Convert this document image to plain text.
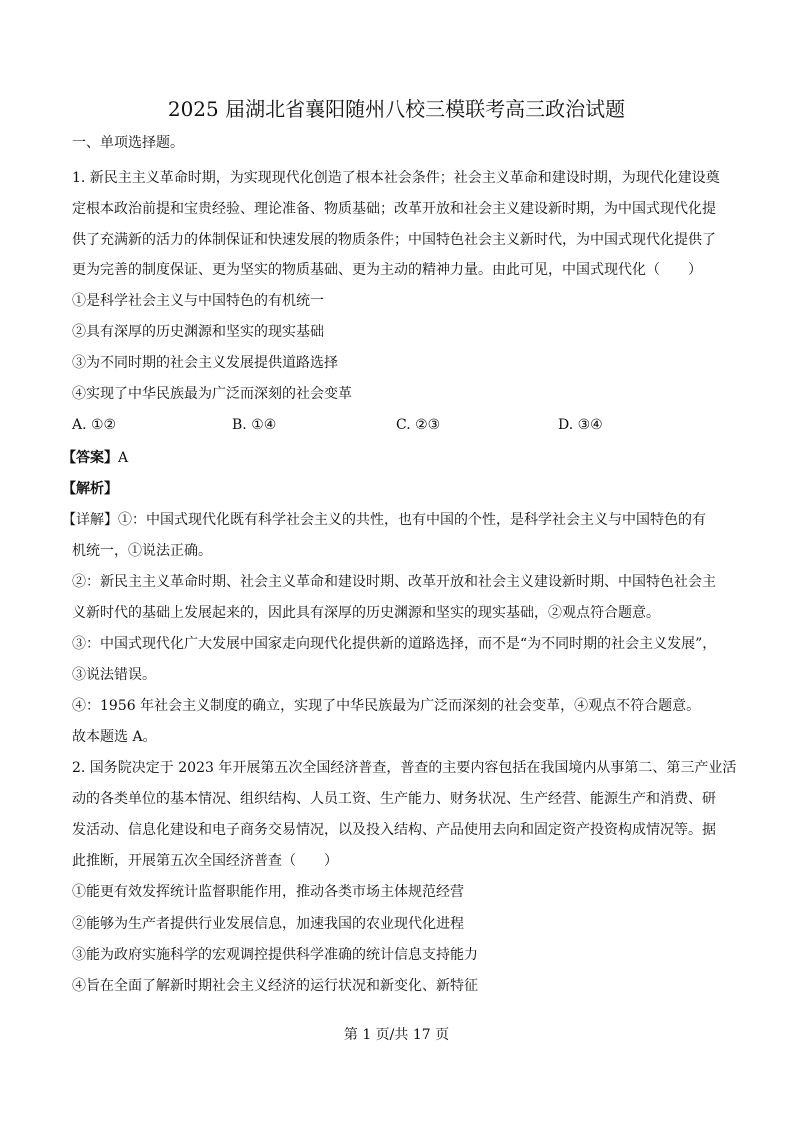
2025 届湖北省襄阳随州八校三模联考高三政治试题
一、单项选择题。
1. 新民主主义革命时期，为实现现代化创造了根本社会条件；社会主义革命和建设时期，为现代化建设奠
定根本政治前提和宝贵经验、理论准备、物质基础；改革开放和社会主义建设新时期，为中国式现代化提
供了充满新的活力的体制保证和快速发展的物质条件；中国特色社会主义新时代，为中国式现代化提供了
更为完善的制度保证、更为坚实的物质基础、更为主动的精神力量。由此可见，中国式现代化（　　）
①是科学社会主义与中国特色的有机统一
②具有深厚的历史渊源和坚实的现实基础
③为不同时期的社会主义发展提供道路选择
④实现了中华民族最为广泛而深刻的社会变革
A. ①②	B. ①④	C. ②③	D. ③④
【答案】A
【解析】
【详解】①：中国式现代化既有科学社会主义的共性，也有中国的个性，是科学社会主义与中国特色的有
机统一，①说法正确。
②：新民主主义革命时期、社会主义革命和建设时期、改革开放和社会主义建设新时期、中国特色社会主
义新时代的基础上发展起来的，因此具有深厚的历史渊源和坚实的现实基础，②观点符合题意。
③：中国式现代化广大发展中国家走向现代化提供新的道路选择，而不是“为不同时期的社会主义发展”，
③说法错误。
④：1956 年社会主义制度的确立，实现了中华民族最为广泛而深刻的社会变革，④观点不符合题意。
故本题选 A。
2. 国务院决定于 2023 年开展第五次全国经济普查，普查的主要内容包括在我国境内从事第二、第三产业活
动的各类单位的基本情况、组织结构、人员工资、生产能力、财务状况、生产经营、能源生产和消费、研
发活动、信息化建设和电子商务交易情况，以及投入结构、产品使用去向和固定资产投资构成情况等。据
此推断，开展第五次全国经济普查（　　）
①能更有效发挥统计监督职能作用，推动各类市场主体规范经营
②能够为生产者提供行业发展信息，加速我国的农业现代化进程
③能为政府实施科学的宏观调控提供科学准确的统计信息支持能力
④旨在全面了解新时期社会主义经济的运行状况和新变化、新特征
第 1 页/共 17 页
